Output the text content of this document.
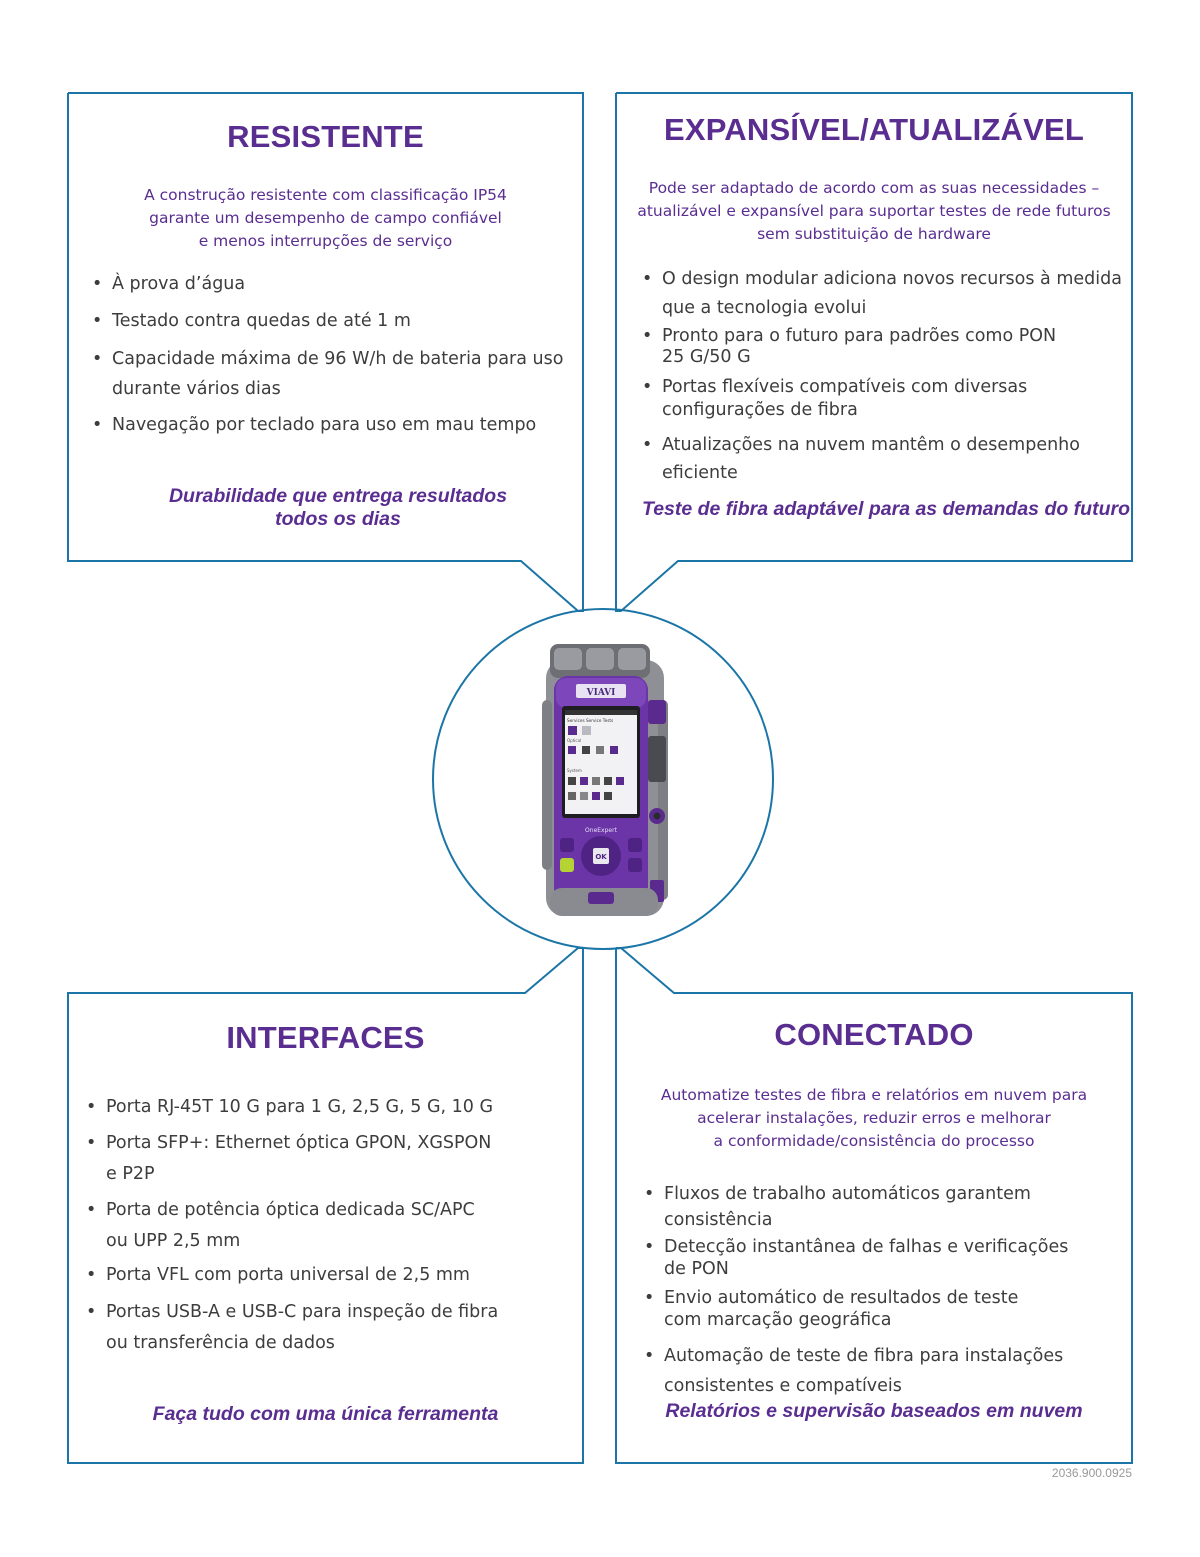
RESISTENTE

A construção resistente com classificação IP54
garante um desempenho de campo confiável
e menos interrupções de serviço

• À prova d’água
• Testado contra quedas de até 1 m
• Capacidade máxima de 96 W/h de bateria para uso
durante vários dias
• Navegação por teclado para uso em mau tempo

Durabilidade que entrega resultados
todos os dias

EXPANSÍVEL/ATUALIZÁVEL

Pode ser adaptado de acordo com as suas necessidades –
atualizável e expansível para suportar testes de rede futuros
sem substituição de hardware

• O design modular adiciona novos recursos à medida
que a tecnologia evolui
• Pronto para o futuro para padrões como PON
25 G/50 G
• Portas flexíveis compatíveis com diversas
configurações de fibra
• Atualizações na nuvem mantêm o desempenho
eficiente

Teste de fibra adaptável para as demandas do futuro

INTERFACES
• Porta RJ-45T 10 G para 1 G, 2,5 G, 5 G, 10 G
• Porta SFP+: Ethernet óptica GPON, XGSPON
e P2P
• Porta de potência óptica dedicada SC/APC
ou UPP 2,5 mm
• Porta VFL com porta universal de 2,5 mm
• Portas USB-A e USB-C para inspeção de fibra
ou transferência de dados

Faça tudo com uma única ferramenta

CONECTADO

Automatize testes de fibra e relatórios em nuvem para
acelerar instalações, reduzir erros e melhorar
a conformidade/consistência do processo

• Fluxos de trabalho automáticos garantem consistência
• Detecção instantânea de falhas e verificações
de PON
• Envio automático de resultados de teste
com marcação geográfica
• Automação de teste de fibra para instalações
consistentes e compatíveis

Relatórios e supervisão baseados em nuvem

VIAVI
Services Service Tests
Optical
System
OneExpert
OK
2036.900.0925
